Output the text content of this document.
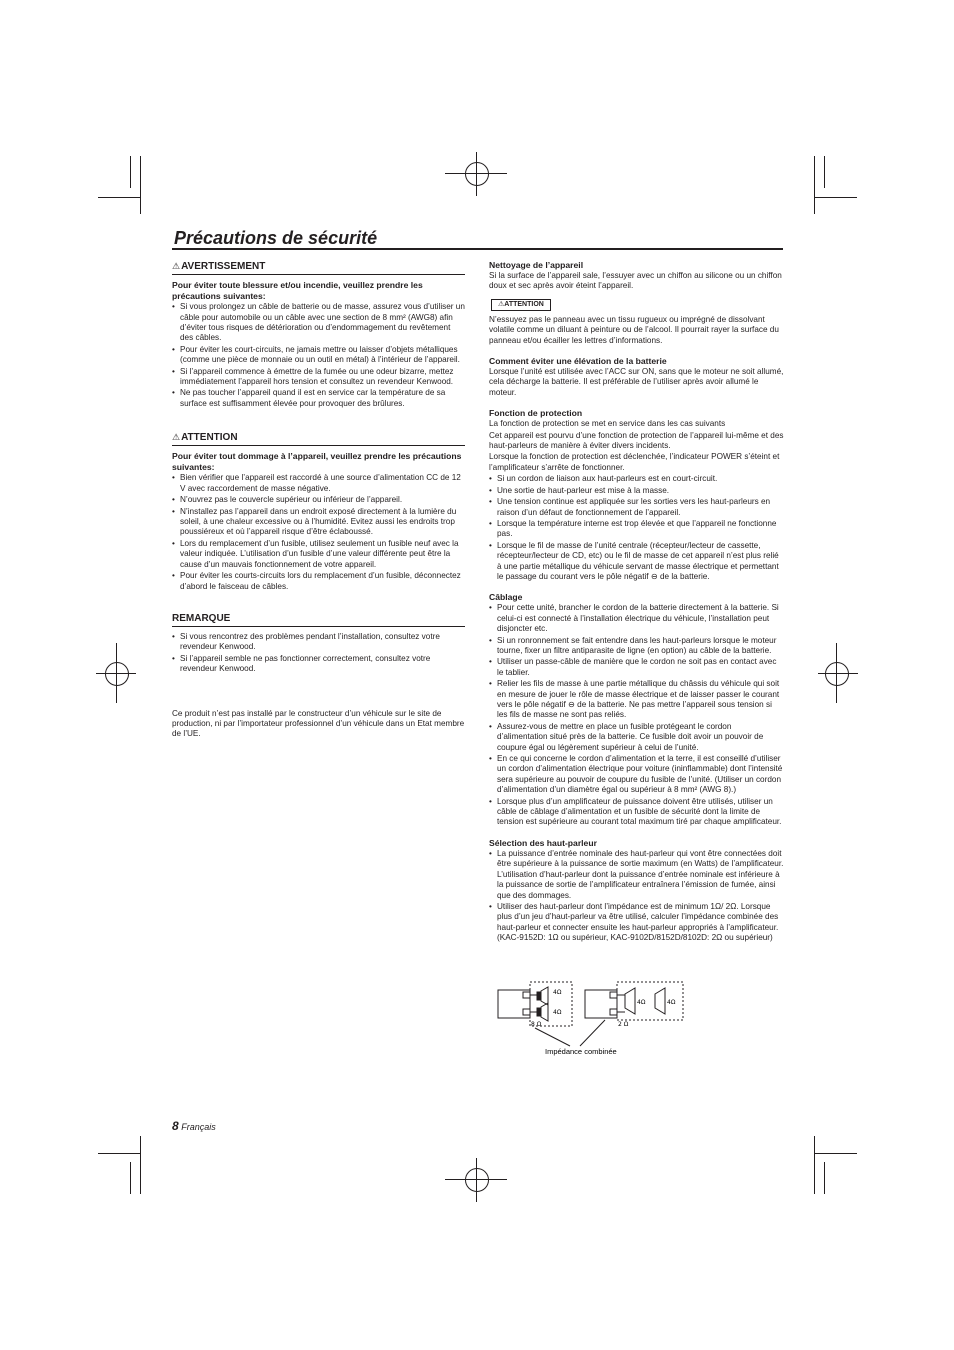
Précautions de sécurité
⚠AVERTISSEMENT

Pour éviter toute blessure et/ou incendie, veuillez prendre les précautions suivantes:

• Si vous prolongez un câble de batterie ou de masse, assurez vous d’utiliser un câble pour automobile ou un câble avec une section de 8 mm² (AWG8) afin d’éviter tous risques de détérioration ou d’endommagement du revêtement des câbles.
• Pour éviter les court-circuits, ne jamais mettre ou laisser d’objets métalliques (comme une pièce de monnaie ou un outil en métal) à l’intérieur de l’appareil.
• Si l’appareil commence à émettre de la fumée ou une odeur bizarre, mettez immédiatement l’appareil hors tension et consultez un revendeur Kenwood.
• Ne pas toucher l’appareil quand il est en service car la température de sa surface est suffisamment élevée pour provoquer des brûlures.
⚠ATTENTION

Pour éviter tout dommage à l’appareil, veuillez prendre les précautions suivantes:

• Bien vérifier que l’appareil est raccordé à une source d’alimentation CC de 12 V avec raccordement de masse négative.
• N’ouvrez pas le couvercle supérieur ou inférieur de l’appareil.
• N’installez pas l’appareil dans un endroit exposé directement à la lumière du soleil, à une chaleur excessive ou à l’humidité. Evitez aussi les endroits trop poussiéreux et où l’appareil risque d’être éclaboussé.
• Lors du remplacement d’un fusible, utilisez seulement un fusible neuf avec la valeur indiquée. L’utilisation d’un fusible d’une valeur différente peut être la cause d’un mauvais fonctionnement de votre appareil.
• Pour éviter les courts-circuits lors du remplacement d’un fusible, déconnectez d’abord le faisceau de câbles.
REMARQUE
• Si vous rencontrez des problèmes pendant l’installation, consultez votre revendeur Kenwood.
• Si l’appareil semble ne pas fonctionner correctement, consultez votre revendeur Kenwood.

Ce produit n’est pas installé par le constructeur d’un véhicule sur le site de production, ni par l’importateur professionnel d’un véhicule dans un Etat membre de l’UE.

Nettoyage de l’appareil

Si la surface de l’appareil sale, l’essuyer avec un chiffon au silicone ou un chiffon doux et sec après avoir éteint l’appareil.

⚠ATTENTION

N’essuyez pas le panneau avec un tissu rugueux ou imprégné de dissolvant volatile comme un diluant à peinture ou de l’alcool. Il pourrait rayer la surface du panneau et/ou écailler les lettres d’informations.

Comment éviter une élévation de la batterie

Lorsque l’unité est utilisée avec l’ACC sur ON, sans que le moteur ne soit allumé, cela décharge la batterie. Il est préférable de l’utiliser après avoir allumé le moteur.

Fonction de protection

La fonction de protection se met en service dans les cas suivants

Cet appareil est pourvu d’une fonction de protection de l’appareil lui-même et des haut-parleurs de manière à éviter divers incidents.

Lorsque la fonction de protection est déclenchée, l’indicateur POWER s’éteint et l’amplificateur s’arrête de fonctionner.

• Si un cordon de liaison aux haut-parleurs est en court-circuit.
• Une sortie de haut-parleur est mise à la masse.
• Une tension continue est appliquée sur les sorties vers les haut-parleurs en raison d’un défaut de fonctionnement de l’appareil.
• Lorsque la température interne est trop élevée et que l’appareil ne fonctionne pas.
• Lorsque le fil de masse de l’unité centrale (récepteur/lecteur de cassette, récepteur/lecteur de CD, etc) ou le fil de masse de cet appareil n’est plus relié à une partie métallique du véhicule servant de masse électrique et permettant le passage du courant vers le pôle négatif ⊖ de la batterie.
Câblage
• Pour cette unité, brancher le cordon de la batterie directement à la batterie. Si celui-ci est connecté à l’installation électrique du véhicule, l’installation peut disjoncter etc.
• Si un ronronnement se fait entendre dans les haut-parleurs lorsque le moteur tourne, fixer un filtre antiparasite de ligne (en option) au câble de la batterie.
• Utiliser un passe-câble de manière que le cordon ne soit pas en contact avec le tablier.
• Relier les fils de masse à une partie métallique du châssis du véhicule qui soit en mesure de jouer le rôle de masse électrique et de laisser passer le courant vers le pôle négatif ⊖ de la batterie. Ne pas mettre l’appareil sous tension si les fils de masse ne sont pas reliés.
• Assurez-vous de mettre en place un fusible protégeant le cordon d’alimentation situé près de la batterie. Ce fusible doit avoir un pouvoir de coupure égal ou légèrement supérieur à celui de l’unité.
• En ce qui concerne le cordon d’alimentation et la terre, il est conseillé d’utiliser un cordon d’alimentation électrique pour voiture (ininflammable) dont l’intensité sera supérieure au pouvoir de coupure du fusible de l’unité. (Utiliser un cordon d’alimentation d’un diamètre égal ou supérieur à 8 mm² (AWG 8).)
• Lorsque plus d’un amplificateur de puissance doivent être utilisés, utiliser un câble de câblage d’alimentation et un fusible de sécurité dont la limite de tension est supérieure au courant total maximum tiré par chaque amplificateur.
Sélection des haut-parleur
• La puissance d’entrée nominale des haut-parleur qui vont être connectées doit être supérieure à la puissance de sortie maximum (en Watts) de l’amplificateur. L’utilisation d’haut-parleur dont la puissance d’entrée nominale est inférieure à la puissance de sortie de l’amplificateur entraînera l’émission de fumée, ainsi que des dommages.
• Utiliser des haut-parleur dont l’impédance est de minimum 1Ω/ 2Ω. Lorsque plus d’un jeu d’haut-parleur va être utilisé, calculer l’impédance combinée des haut-parleur et connecter ensuite les haut-parleur appropriés à l’amplificateur.
(KAC-9152D: 1Ω ou supérieur, KAC-9102D/8152D/8102D: 2Ω ou supérieur)
4Ω
4Ω
4Ω	4Ω
8 Ω	2 Ω
Impédance combinée
8 Français
